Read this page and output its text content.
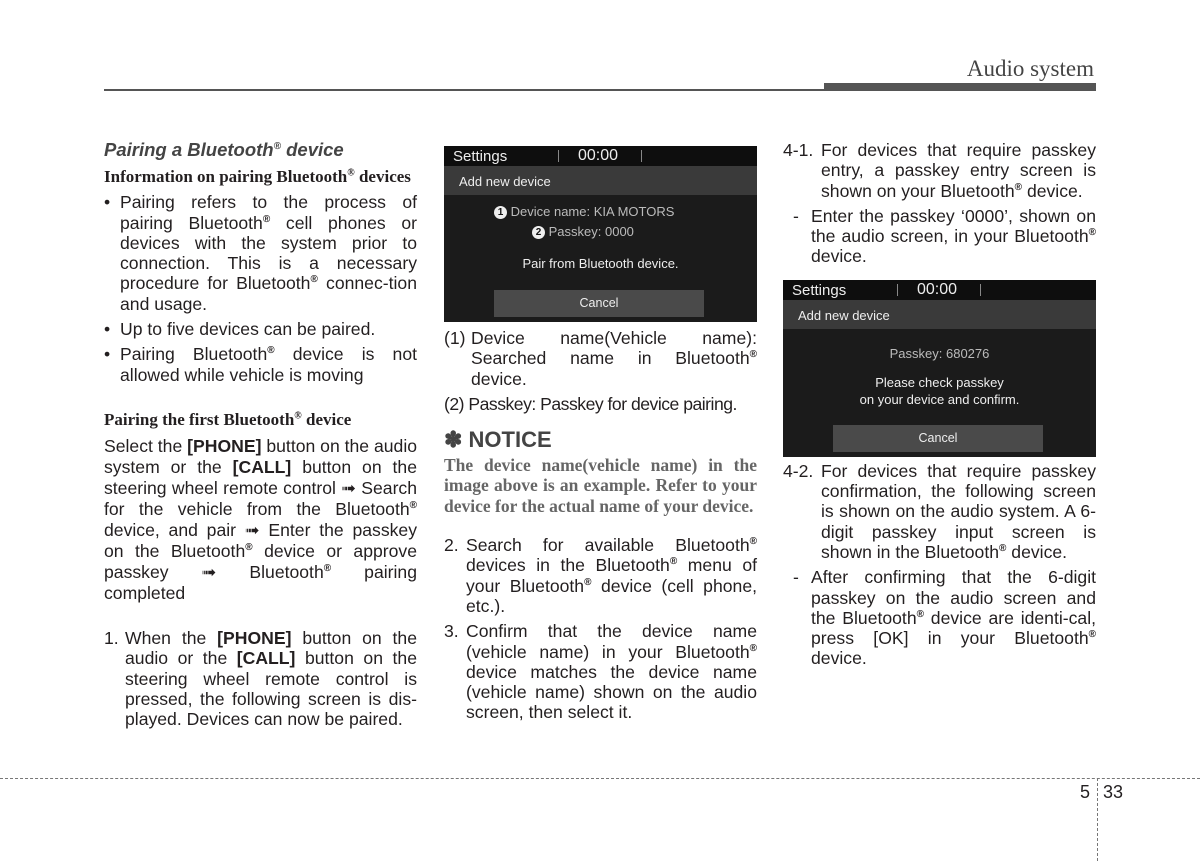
Audio system
Pairing a Bluetooth® device
Information on pairing Bluetooth® devices
• Pairing refers to the process of pairing Bluetooth® cell phones or devices with the system prior to connection. This is a necessary procedure for Bluetooth® connec-tion and usage.
• Up to five devices can be paired.
• Pairing Bluetooth® device is not allowed while vehicle is moving
Pairing the first Bluetooth® device
Select the [PHONE] button on the audio system or the [CALL] button on the steering wheel remote control ➟ Search for the vehicle from the Bluetooth® device, and pair ➟ Enter the passkey on the Bluetooth® device or approve passkey ➟ Bluetooth® pairing completed
1. When the [PHONE] button on the audio or the [CALL] button on the steering wheel remote control is pressed, the following screen is dis-played. Devices can now be paired.
Settings	00:00
Add new device
1 Device name: KIA MOTORS
2 Passkey: 0000
Pair from Bluetooth device.
Cancel
(1) Device name(Vehicle name): Searched name in Bluetooth® device.
(2) Passkey: Passkey for device pairing.
✽ NOTICE
The device name(vehicle name) in the image above is an example. Refer to your device for the actual name of your device.
2. Search for available Bluetooth® devices in the Bluetooth® menu of your Bluetooth® device (cell phone, etc.).
3. Confirm that the device name (vehicle name) in your Bluetooth® device matches the device name (vehicle name) shown on the audio screen, then select it.
4-1. For devices that require passkey entry, a passkey entry screen is shown on your Bluetooth® device.
- Enter the passkey ‘0000’, shown on the audio screen, in your Bluetooth® device.
Settings	00:00
Add new device
Passkey: 680276
Please check passkey
on your device and confirm.
Cancel
4-2. For devices that require passkey confirmation, the following screen is shown on the audio system. A 6-digit passkey input screen is shown in the Bluetooth® device.
- After confirming that the 6-digit passkey on the audio screen and the Bluetooth® device are identi-cal, press [OK] in your Bluetooth® device.
5 33
